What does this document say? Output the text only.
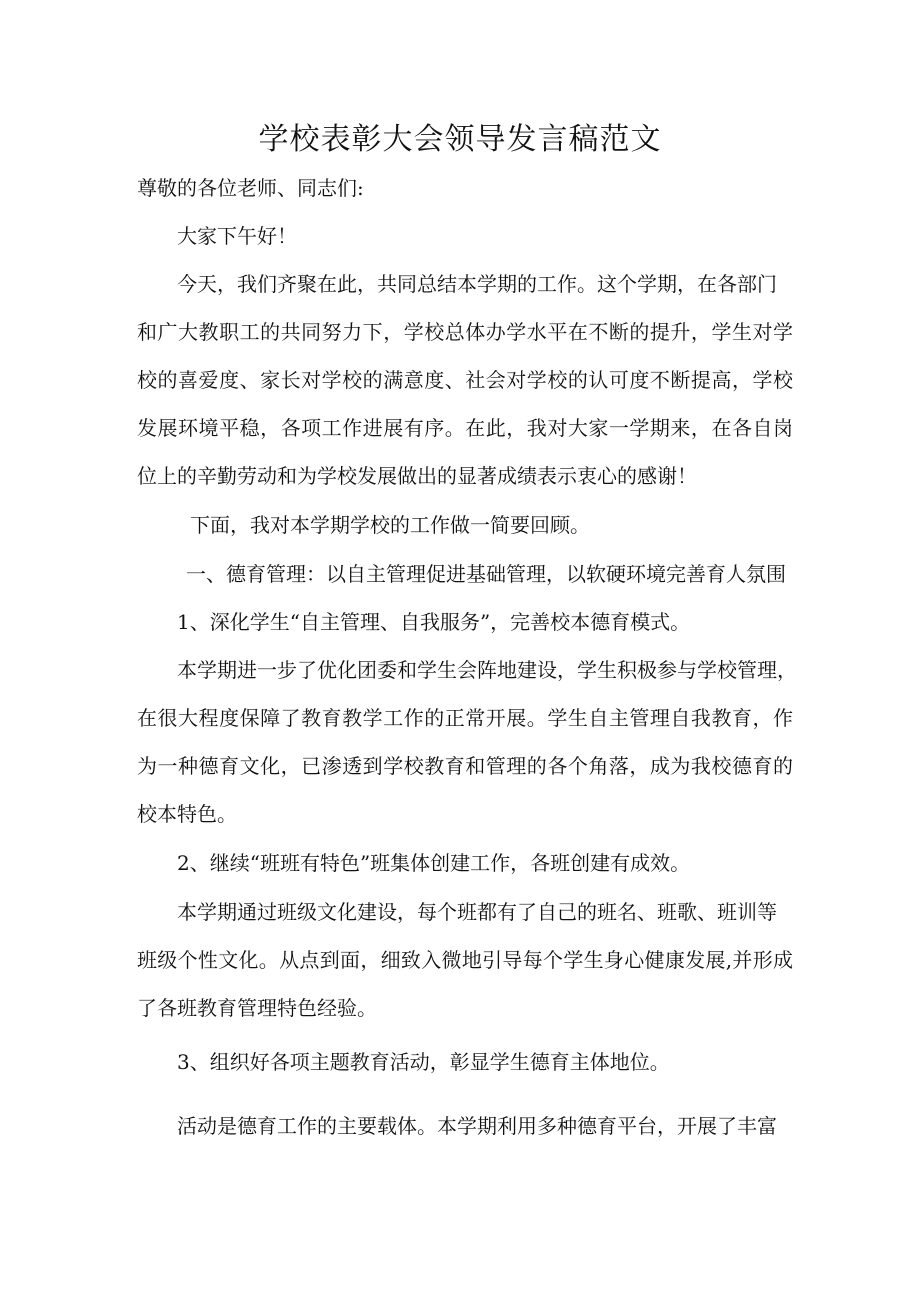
学校表彰大会领导发言稿范文
尊敬的各位老师、同志们:
大家下午好！
今天，我们齐聚在此，共同总结本学期的工作。这个学期，在各部门
和广大教职工的共同努力下，学校总体办学水平在不断的提升，学生对学
校的喜爱度、家长对学校的满意度、社会对学校的认可度不断提高，学校
发展环境平稳，各项工作进展有序。在此，我对大家一学期来，在各自岗
位上的辛勤劳动和为学校发展做出的显著成绩表示衷心的感谢！
下面，我对本学期学校的工作做一简要回顾。
一、德育管理：以自主管理促进基础管理，以软硬环境完善育人氛围
1、深化学生“自主管理、自我服务”，完善校本德育模式。
本学期进一步了优化团委和学生会阵地建设，学生积极参与学校管理，
在很大程度保障了教育教学工作的正常开展。学生自主管理自我教育，作
为一种德育文化，已渗透到学校教育和管理的各个角落，成为我校德育的
校本特色。
2、继续“班班有特色”班集体创建工作，各班创建有成效。
本学期通过班级文化建设，每个班都有了自己的班名、班歌、班训等
班级个性文化。从点到面，细致入微地引导每个学生身心健康发展,并形成
了各班教育管理特色经验。
3、组织好各项主题教育活动，彰显学生德育主体地位。
活动是德育工作的主要载体。本学期利用多种德育平台，开展了丰富
